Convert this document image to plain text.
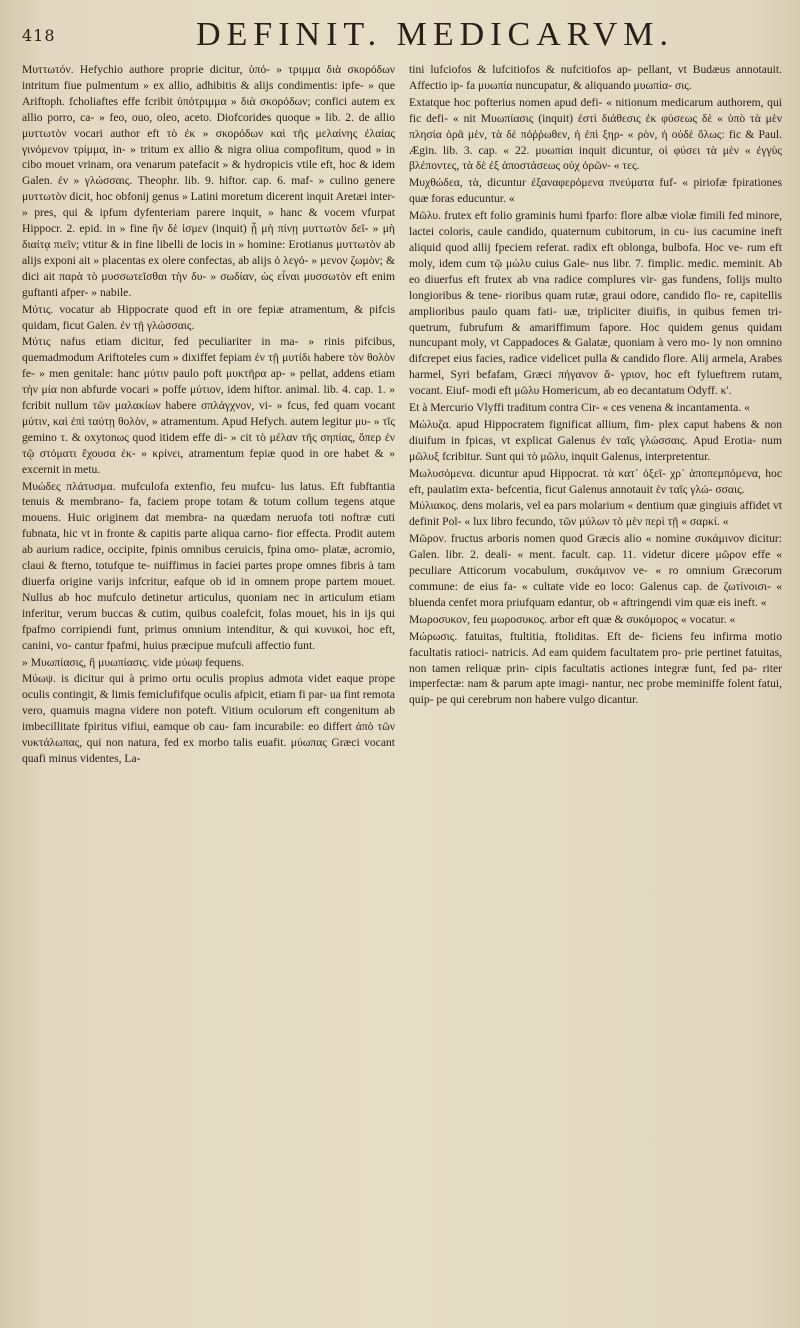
418	DEFINIT. MEDICARVM.

Μυττωτόν. Hefychio authore proprie dicitur, ὑπό- » τριμμα διὰ σκορόδων intritum fiue pulmentum » ex allio, adhibitis & alijs condimentis: ipfe- » que Ariftoph. fcholiaftes effe fcribit ὑπότριμμα » διὰ σκορόδων; confici autem ex allio porro, ca- » feo, ouo, oleo, aceto. Diofcorides quoque » lib. 2. de allio μυττωτὸν vocari author eft τὸ ἐκ » σκορόδων καὶ τῆς μελαίνης ἐλαίας γινόμενον τρίμμα, in- » tritum ex allio & nigra oliua compofitum, quod » in cibo mouet vrinam, ora venarum patefacit » & hydropicis vtile eft, hoc & idem Galen. ἐν » γλώσσαις. Theophr. lib. 9. hiftor. cap. 6. maf- » culino genere μυττωτὸν dicit, hoc obfonij genus » Latini moretum dicerent inquit Aretæi inter- » pres, qui & ipfum dyfenteriam parere inquit, » hanc & vocem vfurpat Hippocr. 2. epid. in » fine ἢν δὲ ἰσμεν (inquit) ᾖ μὴ πίνῃ μυττωτὸν δεῖ- » μὴ διαίτᾳ πιεῖν; vtitur & in fine libelli de locis in » homine: Erotianus μυττωτὸν ab alijs exponi ait » placentas ex olere confectas, ab alijs ὁ λεγό- » μενον ζωμὸν; & dici ait παρὰ τὸ μυσσωτεῖσθαι τὴν δυ- » σωδίαν, ὡς εἶναι μυσσωτὸν eft enim guftanti afper- » nabile.

Μύτις. vocatur ab Hippocrate quod eft in ore fepiæ atramentum, & pifcis quidam, ficut Galen. ἐν τῇ γλώσσαις.

Μύτις nafus etiam dicitur, fed peculiariter in ma- » rinis pifcibus, quemadmodum Ariftoteles cum » dixiffet fepiam ἐν τῇ μυτίδι habere τὸν θολὸν fe- » men genitale: hanc μύτιν paulo poft μυκτῆρα ap- » pellat, addens etiam τὴν μία non abfurde vocari » poffe μύτιον, idem hiftor. animal. lib. 4. cap. 1. » fcribit nullum τῶν μαλακίων habere σπλάγχνον, vi- » fcus, fed quam vocant μύτιν, καὶ ἐπὶ ταύτῃ θολὸν, » atramentum. Apud Hefych. autem legitur μυ- » τῖς gemino τ. & oxytonως quod itidem effe di- » cit τὸ μέλαν τῆς σηπίας, ὅπερ ἐν τῷ στόματι ἔχουσα ἐκ- » κρίνει, atramentum fepiæ quod in ore habet & » excernit in metu.

Μυώδες πλάτυσμα. mufculofa extenfio, feu mufcu- lus latus. Eft fubftantia tenuis & membrano- fa, faciem prope totam & totum collum tegens atque mouens. Huic originem dat membra- na quædam neruofa toti noftræ cuti fubnata, hic vt in fronte & capitis parte aliqua carno- fior effecta. Prodit autem ab aurium radice, occipite, fpinis omnibus ceruicis, fpina omo- platæ, acromio, claui & fterno, totufque te- nuiffimus in faciei partes prope omnes fibris à tam diuerfa origine varijs infcritur, eafque ob id in omnem prope partem mouet. Nullus ab hoc mufculo detinetur articulus, quoniam nec in articulum etiam inferitur, verum buccas & cutim, quibus coalefcit, folas mouet, his in ijs qui fpafmo corripiendi funt, primus omnium intenditur, & qui κυνικοὶ, hoc eft, canini, vo- cantur fpafmi, huius præcipue mufculi affectio funt.

» Μυωπίασις, ἢ μυωπίασις. vide μύωψ fequens.

Μύωψ. is dicitur qui à primo ortu oculis propius admota videt eaque prope oculis contingit, & limis femiclufifque oculis afpicit, etiam fi par- ua fint remota vero, quamuis magna videre non poteft. Vitium oculorum eft congenitum ab imbecillitate fpiritus vifiui, eamque ob cau- fam incurabile: eo differt ἀπὸ τῶν νυκτάλωπας, qui non natura, fed ex morbo talis euafit. μύωπας Græci vocant quafi minus videntes, La-

tini lufciofos & lufcitiofos & nufcitiofos ap- pellant, vt Budæus annotauit. Affectio ip- fa μυωπία nuncupatur, & aliquando μυωπία- σις.

Extatque hoc pofterius nomen apud defi- « nitionum medicarum authorem, qui fic defi- « nit Μυωπίασις (inquit) ἐστὶ διάθεσις ἐκ φύσεως δὲ « ὑπὸ τὰ μὲν πλησία ὁρᾶ μὲν, τὰ δὲ πόῤῥωθεν, ἡ ἐπὶ ξηρ- « ρὸν, ἡ οὐδὲ ὅλως: fic & Paul. Ægin. lib. 3. cap. « 22. μυωπίαι inquit dicuntur, οἱ φύσει τὰ μὲν « ἐγγὺς βλέποντες, τὰ δὲ ἐξ ἀποστάσεως οὐχ ὁρῶν- « τες.

Μυχθώδεα, τὰ, dicuntur ἐξαναφερόμενα πνεύματα fuf- « piriofæ fpirationes quæ foras educuntur. «

Μῶλυ. frutex eft folio graminis humi fparfo: flore albæ violæ fimili fed minore, lactei coloris, caule candido, quaternum cubitorum, in cu- ius cacumine ineft aliquid quod allij fpeciem referat. radix eft oblonga, bulbofa. Hoc ve- rum eft moly, idem cum τῷ μώλυ cuius Gale- nus libr. 7. fimplic. medic. meminit. Ab eo diuerfus eft frutex ab vna radice complures vir- gas fundens, folijs multo longioribus & tene- rioribus quam rutæ, graui odore, candido flo- re, capitellis amplioribus paulo quam fati- uæ, tripliciter diuifis, in quibus femen tri- quetrum, fubrufum & amariffimum fapore. Hoc quidem genus quidam nuncupant moly, vt Cappadoces & Galatæ, quoniam à vero mo- ly non omnino difcrepet eius facies, radice videlicet pulla & candido flore. Alij armela, Arabes harmel, Syri befafam, Græci πήγανον ἄ- γριον, hoc eft fylueftrem rutam, vocant. Eiuf- modi eft μῶλυ Homericum, ab eo decantatum Odyff. κ'.

Et à Mercurio Vlyffi traditum contra Cir- « ces venena & incantamenta. «

Μώλυζα. apud Hippocratem fignificat allium, fim- plex caput habens & non diuifum in fpicas, vt explicat Galenus ἐν ταῖς γλώσσαις. Apud Erotia- num μῶλυξ fcribitur. Sunt qui τὸ μῶλυ, inquit Galenus, interpretentur.

Μωλυσόμενα. dicuntur apud Hippocrat. τὰ κατ᾽ ὀξεῖ- χρ᾽ ἀποπεμπόμενα, hoc eft, paulatim exta- befcentia, ficut Galenus annotauit ἐν ταῖς γλώ- σσαις.

Μύλιακος. dens molaris, vel ea pars molarium « dentium quæ gingiuis affidet vt definit Pol- « lux libro fecundo, τῶν μύλων τὸ μὲν περὶ τῇ « σαρκί. «

Μῶρον. fructus arboris nomen quod Græcis alio « nomine συκάμινον dicitur: Galen. libr. 2. deali- « ment. facult. cap. 11. videtur dicere μῶρον effe « peculiare Atticorum vocabulum, συκάμινον ve- « ro omnium Græcorum commune: de eius fa- « cultate vide eo loco: Galenus cap. de ζωτίνοισι- « bluenda cenfet mora priufquam edantur, ob « aftringendi vim quæ eis ineft. «

Μωροσυκον, feu μωροσυκος. arbor eft quæ & συκόμορος « vocatur. «

Μώρωσις. fatuitas, ftultitia, ftoliditas. Eft de- ficiens feu infirma motio facultatis ratioci- natricis. Ad eam quidem facultatem pro- prie pertinet fatuitas, non tamen reliquæ prin- cipis facultatis actiones integræ funt, fed pa- riter imperfectæ: nam & parum apte imagi- nantur, nec probe meminiffe folent fatui, quip- pe qui cerebrum non habere vulgo dicantur.
